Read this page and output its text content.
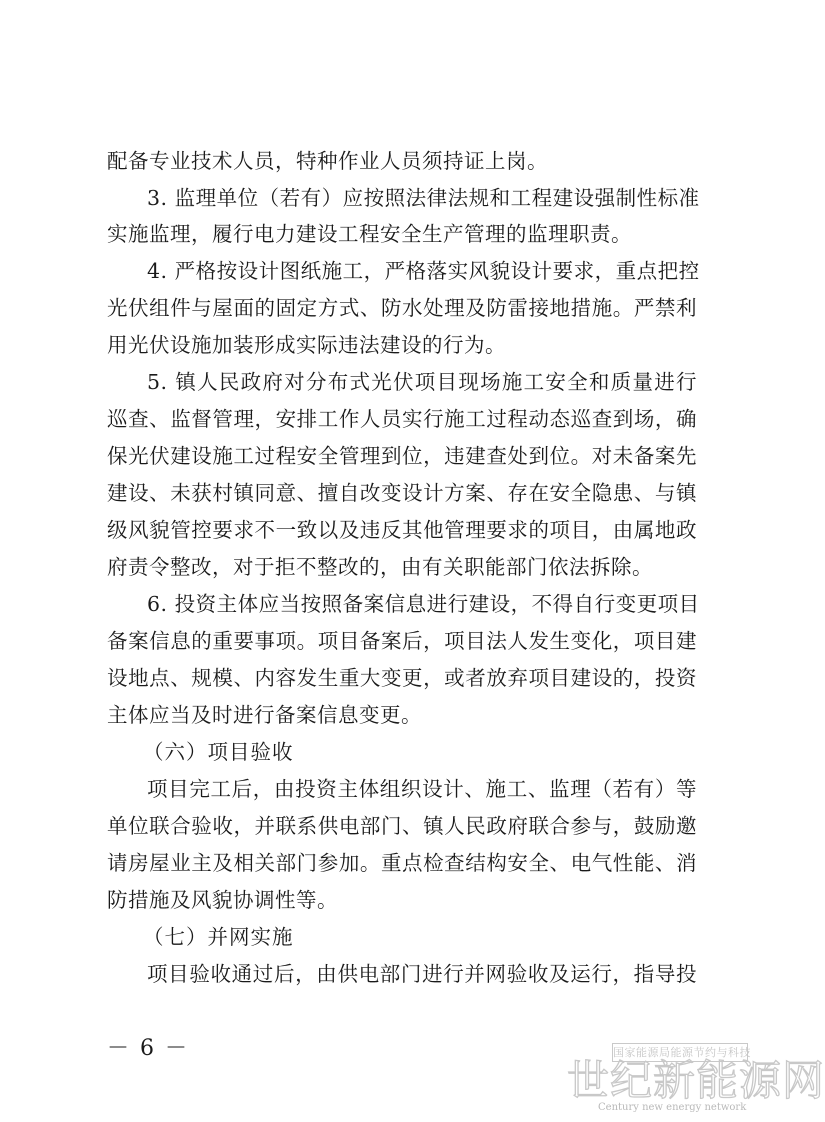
配备专业技术人员，特种作业人员须持证上岗。
3. 监理单位（若有）应按照法律法规和工程建设强制性标准
实施监理，履行电力建设工程安全生产管理的监理职责。
4. 严格按设计图纸施工，严格落实风貌设计要求，重点把控
光伏组件与屋面的固定方式、防水处理及防雷接地措施。严禁利
用光伏设施加装形成实际违法建设的行为。
5. 镇人民政府对分布式光伏项目现场施工安全和质量进行
巡查、监督管理，安排工作人员实行施工过程动态巡查到场，确
保光伏建设施工过程安全管理到位，违建查处到位。对未备案先
建设、未获村镇同意、擅自改变设计方案、存在安全隐患、与镇
级风貌管控要求不一致以及违反其他管理要求的项目，由属地政
府责令整改，对于拒不整改的，由有关职能部门依法拆除。
6. 投资主体应当按照备案信息进行建设，不得自行变更项目
备案信息的重要事项。项目备案后，项目法人发生变化，项目建
设地点、规模、内容发生重大变更，或者放弃项目建设的，投资
主体应当及时进行备案信息变更。
（六）项目验收
项目完工后，由投资主体组织设计、施工、监理（若有）等
单位联合验收，并联系供电部门、镇人民政府联合参与，鼓励邀
请房屋业主及相关部门参加。重点检查结构安全、电气性能、消
防措施及风貌协调性等。
（七）并网实施
项目验收通过后，由供电部门进行并网验收及运行，指导投
－ 6 －	国家能源局能源节约与科技
世纪新能源网
Century new energy network
